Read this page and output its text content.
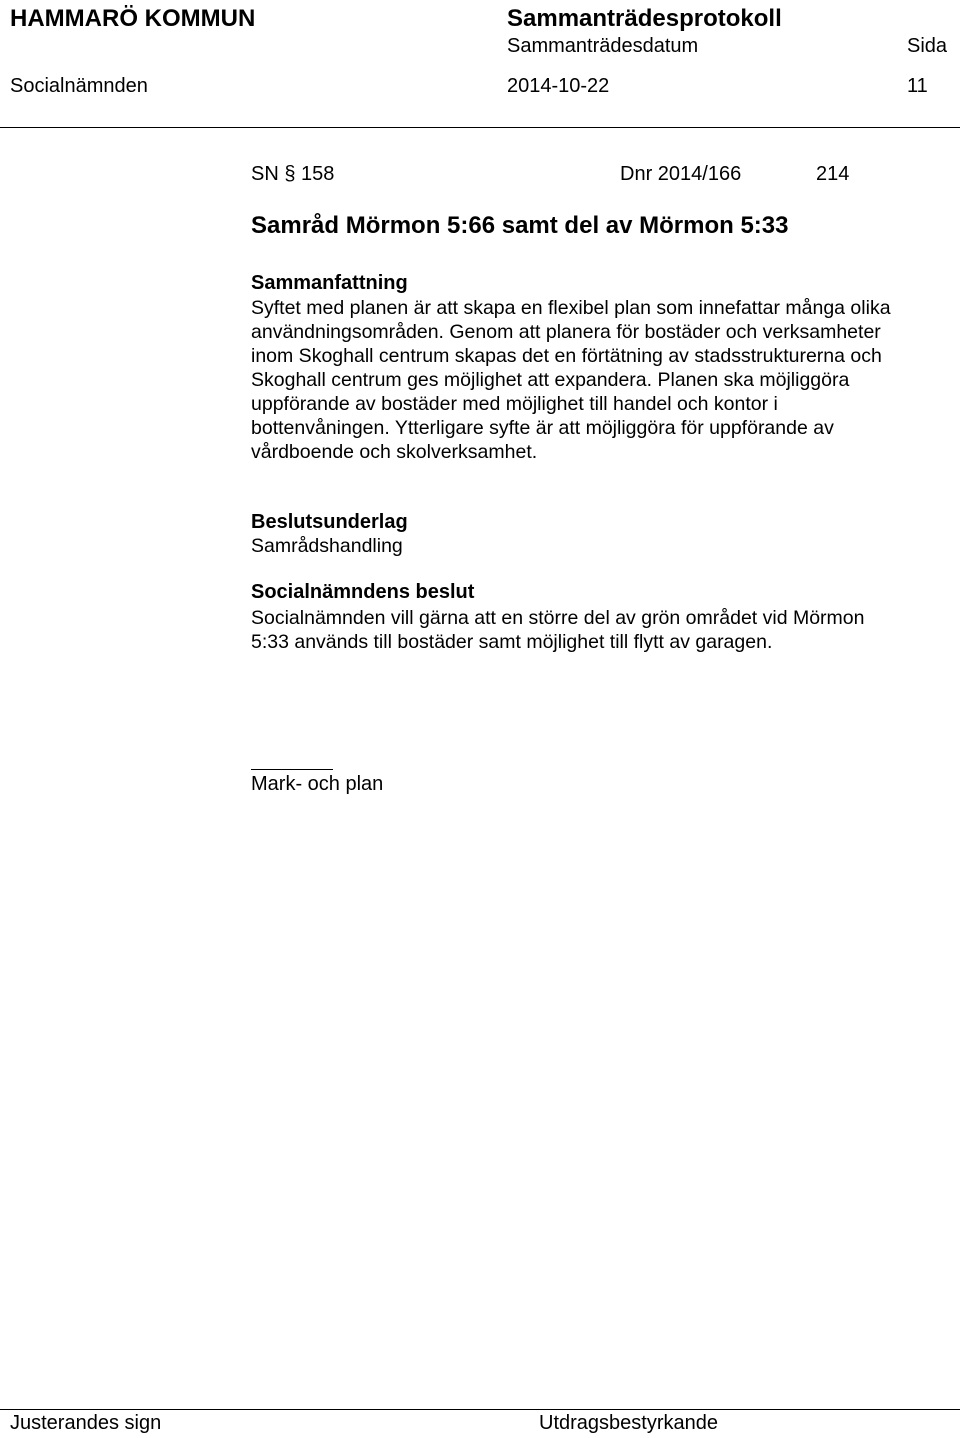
HAMMARÖ KOMMUN	Sammanträdesprotokoll
Sammanträdesdatum	Sida
Socialnämnden	2014-10-22	11
SN § 158	Dnr 2014/166	214
Samråd Mörmon 5:66 samt del av Mörmon 5:33
Sammanfattning
Syftet med planen är att skapa en flexibel plan som innefattar många olika användningsområden. Genom att planera för bostäder och verksamheter inom Skoghall centrum skapas det en förtätning av stadsstrukturerna och Skoghall centrum ges möjlighet att expandera. Planen ska möjliggöra uppförande av bostäder med möjlighet till handel och kontor i bottenvåningen. Ytterligare syfte är att möjliggöra för uppförande av vårdboende och skolverksamhet.
Beslutsunderlag
Samrådshandling
Socialnämndens beslut
Socialnämnden vill gärna att en större del av grön området vid Mörmon 5:33 används till bostäder samt möjlighet till flytt av garagen.
Mark- och plan
Justerandes sign	Utdragsbestyrkande
